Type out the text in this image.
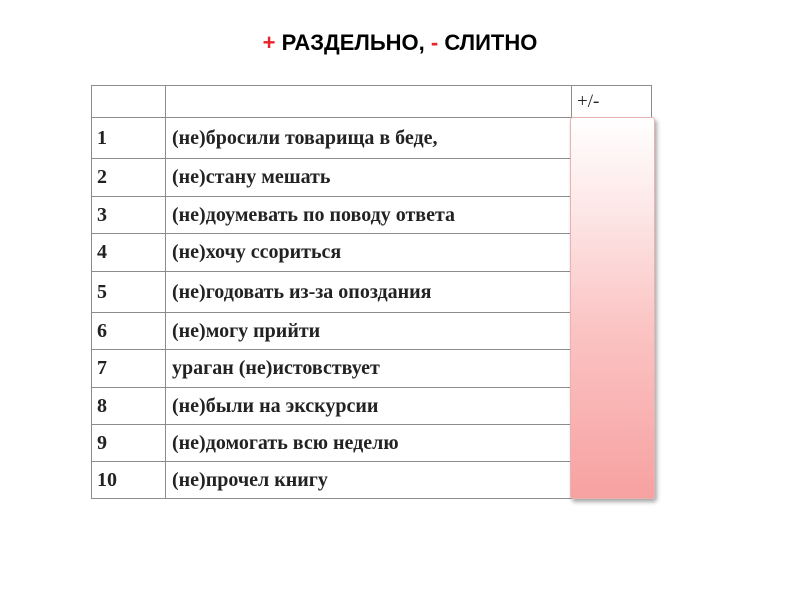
+ РАЗДЕЛЬНО, - СЛИТНО
		+/-
1	(не)бросили товарища в беде,	
2	(не)стану мешать	
3	(не)доумевать по поводу ответа	
4	(не)хочу ссориться	
5	(не)годовать из-за опоздания	
6	(не)могу прийти	
7	ураган (не)истовствует	
8	(не)были на экскурсии	
9	(не)домогать всю неделю	
10	(не)прочел книгу	
